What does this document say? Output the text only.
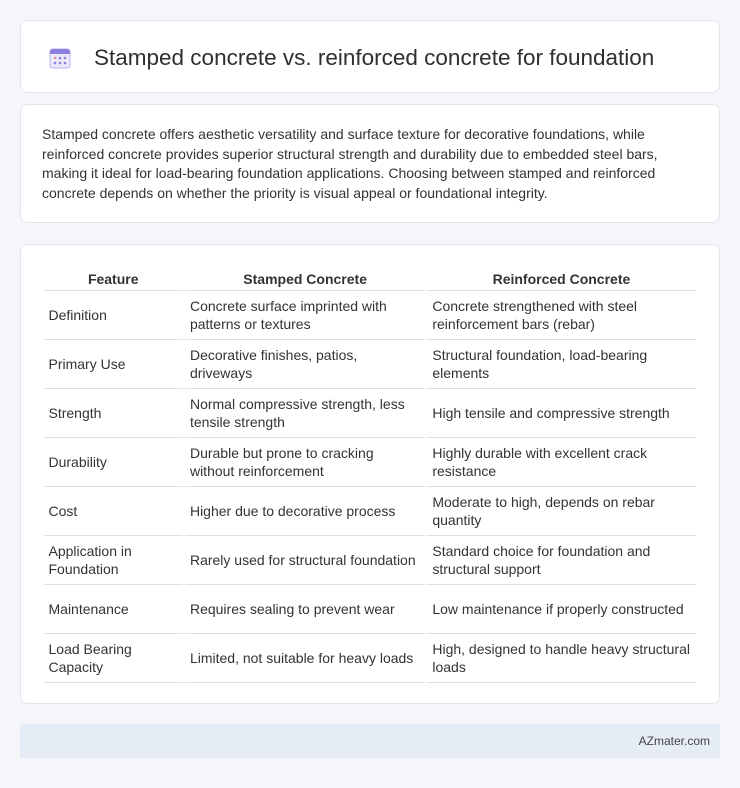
Stamped concrete vs. reinforced concrete for foundation

Stamped concrete offers aesthetic versatility and surface texture for decorative foundations, while reinforced concrete provides superior structural strength and durability due to embedded steel bars, making it ideal for load-bearing foundation applications. Choosing between stamped and reinforced concrete depends on whether the priority is visual appeal or foundational integrity.

Feature	Stamped Concrete	Reinforced Concrete
Definition	Concrete surface imprinted with patterns or textures	Concrete strengthened with steel reinforcement bars (rebar)
Primary Use	Decorative finishes, patios, driveways	Structural foundation, load-bearing elements
Strength	Normal compressive strength, less tensile strength	High tensile and compressive strength
Durability	Durable but prone to cracking without reinforcement	Highly durable with excellent crack resistance
Cost	Higher due to decorative process	Moderate to high, depends on rebar quantity
Application in Foundation	Rarely used for structural foundation	Standard choice for foundation and structural support
Maintenance	Requires sealing to prevent wear	Low maintenance if properly constructed
Load Bearing Capacity	Limited, not suitable for heavy loads	High, designed to handle heavy structural loads
AZmater.com
